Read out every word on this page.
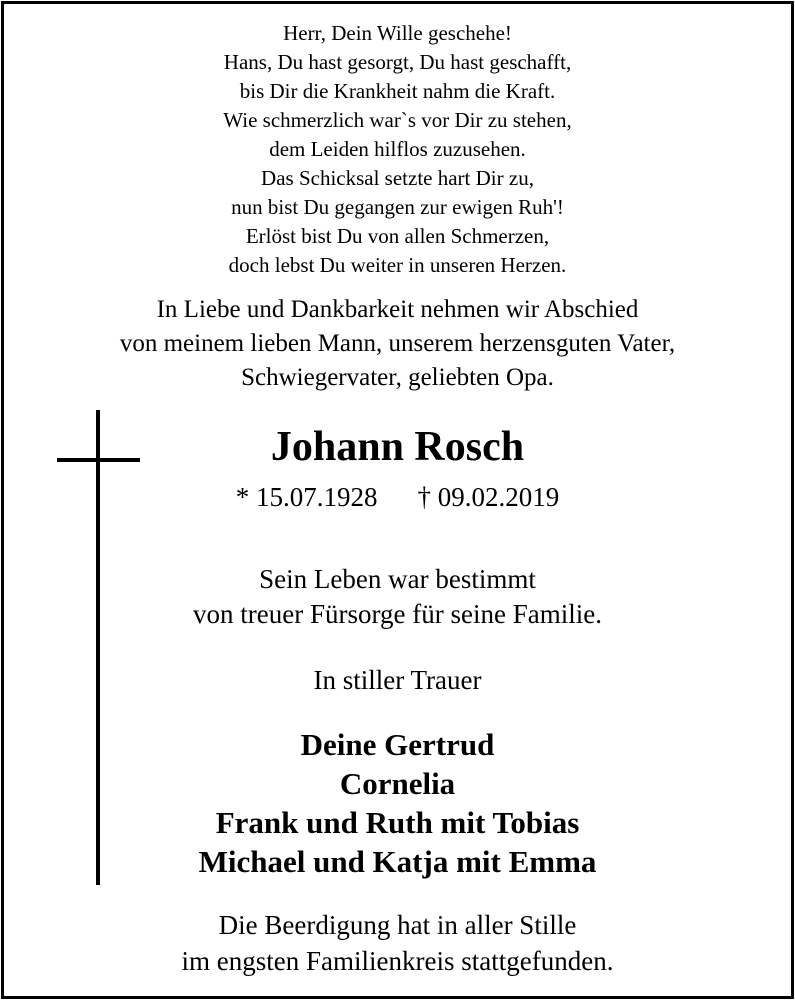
Herr, Dein Wille geschehe!
Hans, Du hast gesorgt, Du hast geschafft,
bis Dir die Krankheit nahm die Kraft.
Wie schmerzlich war`s vor Dir zu stehen,
dem Leiden hilflos zuzusehen.
Das Schicksal setzte hart Dir zu,
nun bist Du gegangen zur ewigen Ruh'!
Erlöst bist Du von allen Schmerzen,
doch lebst Du weiter in unseren Herzen.
In Liebe und Dankbarkeit nehmen wir Abschied
von meinem lieben Mann, unserem herzensguten Vater,
Schwiegervater, geliebten Opa.
Johann Rosch
* 15.07.1928 † 09.02.2019
Sein Leben war bestimmt
von treuer Fürsorge für seine Familie.
In stiller Trauer
Deine Gertrud
Cornelia
Frank und Ruth mit Tobias
Michael und Katja mit Emma
Die Beerdigung hat in aller Stille
im engsten Familienkreis stattgefunden.
